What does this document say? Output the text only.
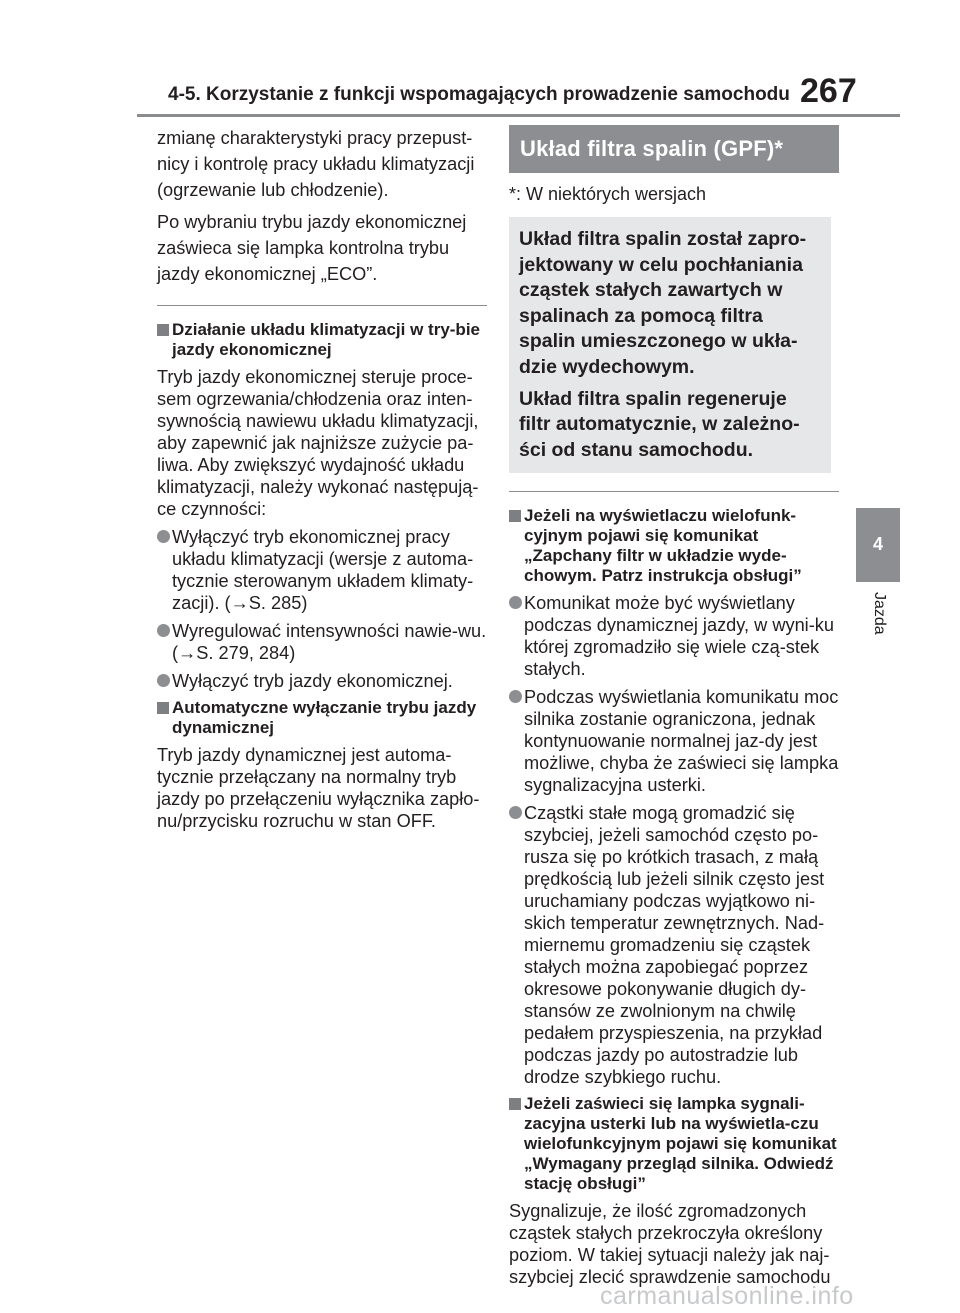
4-5. Korzystanie z funkcji wspomagających prowadzenie samochodu 267

zmianę charakterystyki pracy przepust-nicy i kontrolę pracy układu klimatyzacji (ogrzewanie lub chłodzenie).

Po wybraniu trybu jazdy ekonomicznej zaświeca się lampka kontrolna trybu jazdy ekonomicznej „ECO”.

Działanie układu klimatyzacji w try-bie jazdy ekonomicznej

Tryb jazdy ekonomicznej steruje proce-sem ogrzewania/chłodzenia oraz inten-sywnością nawiewu układu klimatyzacji, aby zapewnić jak najniższe zużycie pa-liwa. Aby zwiększyć wydajność układu klimatyzacji, należy wykonać następują-ce czynności:

Wyłączyć tryb ekonomicznej pracy układu klimatyzacji (wersje z automa-tycznie sterowanym układem klimaty-zacji). (→S. 285)
Wyregulować intensywności nawie-wu. (→S. 279, 284)
Wyłączyć tryb jazdy ekonomicznej.
Automatyczne wyłączanie trybu jazdy dynamicznej

Tryb jazdy dynamicznej jest automa-tycznie przełączany na normalny tryb jazdy po przełączeniu wyłącznika zapło-nu/przycisku rozruchu w stan OFF.

Układ filtra spalin (GPF)*
*: W niektórych wersjach

Układ filtra spalin został zapro-jektowany w celu pochłaniania cząstek stałych zawartych w spalinach za pomocą filtra spalin umieszczonego w ukła-dzie wydechowym.

Układ filtra spalin regeneruje filtr automatycznie, w zależno-ści od stanu samochodu.

Jeżeli na wyświetlaczu wielofunk-cyjnym pojawi się komunikat „Zapchany filtr w układzie wyde-chowym. Patrz instrukcja obsługi”
Komunikat może być wyświetlany podczas dynamicznej jazdy, w wyni-ku której zgromadziło się wiele czą-stek stałych.
Podczas wyświetlania komunikatu moc silnika zostanie ograniczona, jednak kontynuowanie normalnej jaz-dy jest możliwe, chyba że zaświeci się lampka sygnalizacyjna usterki.
Cząstki stałe mogą gromadzić się szybciej, jeżeli samochód często po-rusza się po krótkich trasach, z małą prędkością lub jeżeli silnik często jest uruchamiany podczas wyjątkowo ni-skich temperatur zewnętrznych. Nad-miernemu gromadzeniu się cząstek stałych można zapobiegać poprzez okresowe pokonywanie długich dy-stansów ze zwolnionym na chwilę pedałem przyspieszenia, na przykład podczas jazdy po autostradzie lub drodze szybkiego ruchu.
Jeżeli zaświeci się lampka sygnali-zacyjna usterki lub na wyświetla-czu wielofunkcyjnym pojawi się komunikat „Wymagany przegląd silnika. Odwiedź stację obsługi”

Sygnalizuje, że ilość zgromadzonych cząstek stałych przekroczyła określony poziom. W takiej sytuacji należy jak naj-szybciej zlecić sprawdzenie samochodu

4
Jazda
carmanualsonline.info
